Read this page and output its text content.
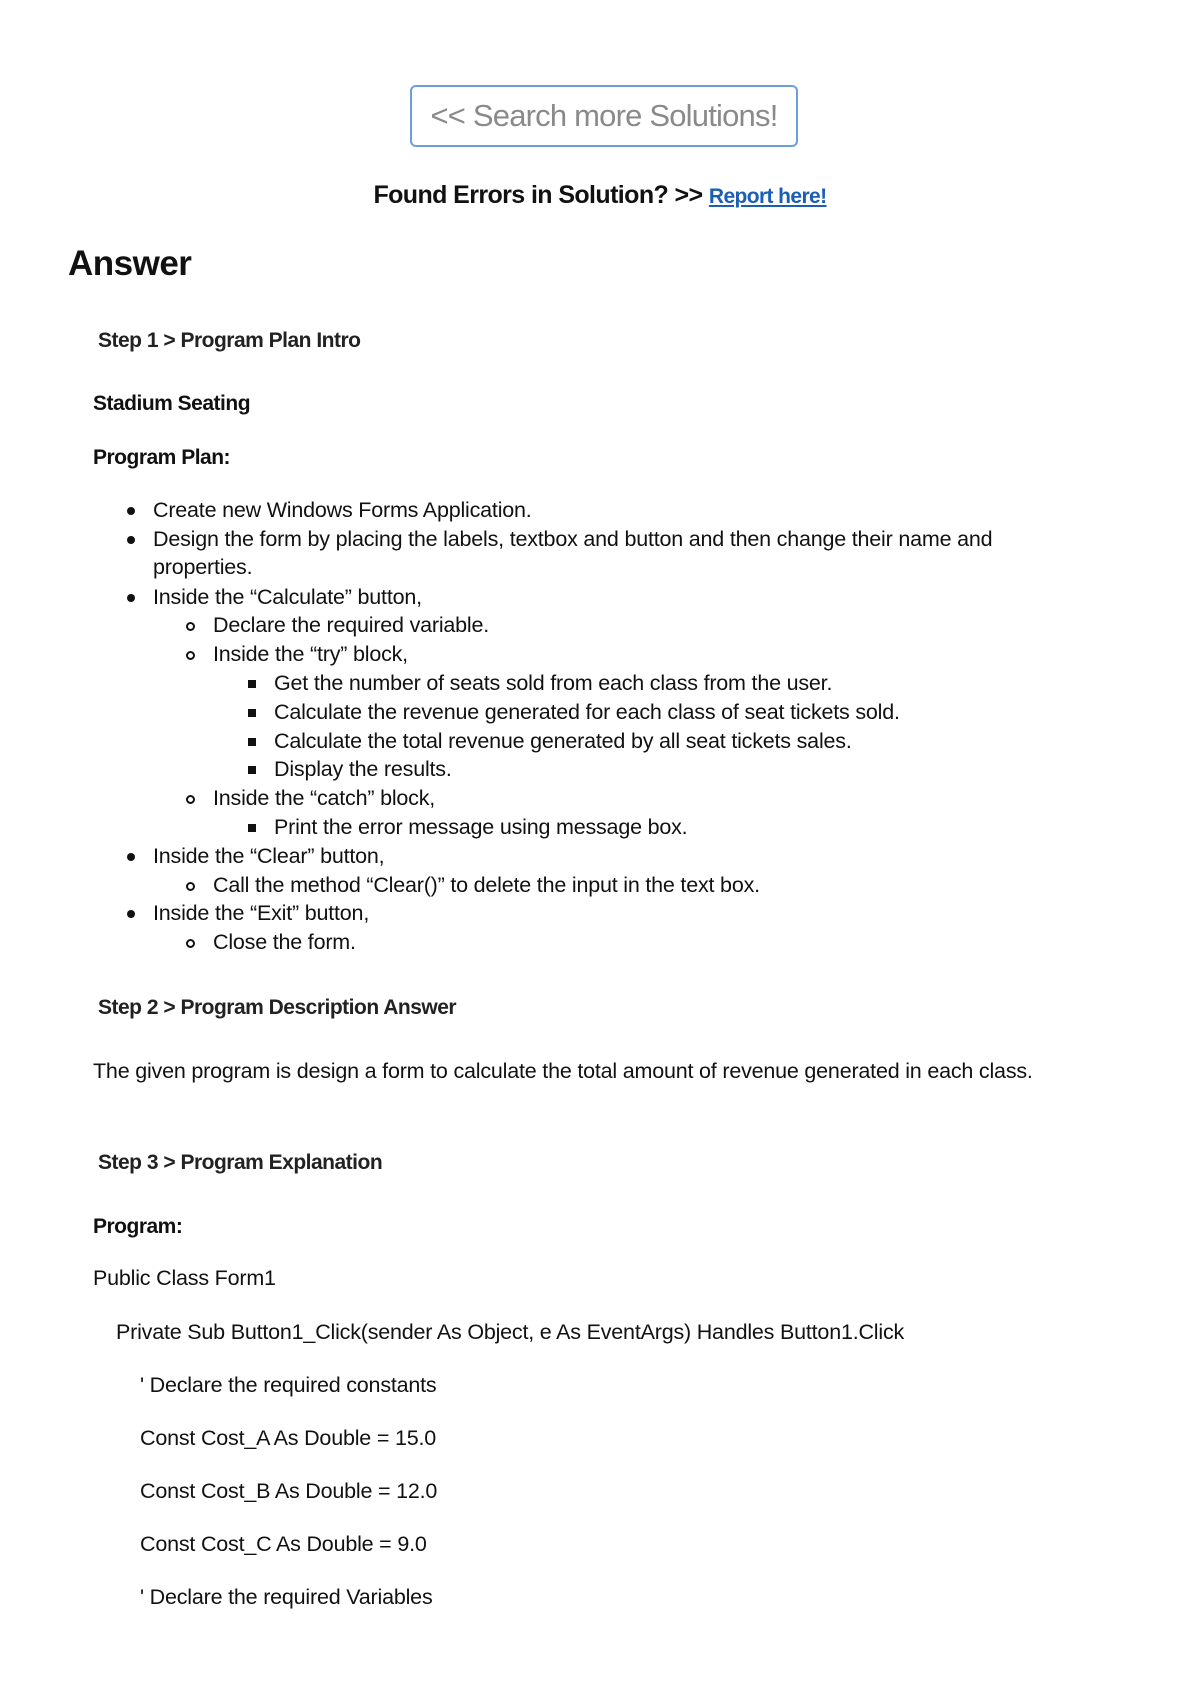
<< Search more Solutions!
Found Errors in Solution? >> Report here!
Answer
Step 1 > Program Plan Intro
Stadium Seating
Program Plan:
Create new Windows Forms Application.
Design the form by placing the labels, textbox and button and then change their name and
properties.
Inside the “Calculate” button,
Declare the required variable.
Inside the “try” block,
Get the number of seats sold from each class from the user.
Calculate the revenue generated for each class of seat tickets sold.
Calculate the total revenue generated by all seat tickets sales.
Display the results.
Inside the “catch” block,
Print the error message using message box.
Inside the “Clear” button,
Call the method “Clear()” to delete the input in the text box.
Inside the “Exit” button,
Close the form.
Step 2 > Program Description Answer
The given program is design a form to calculate the total amount of revenue generated in each class.
Step 3 > Program Explanation
Program:
Public Class Form1
Private Sub Button1_Click(sender As Object, e As EventArgs) Handles Button1.Click
' Declare the required constants
Const Cost_A As Double = 15.0
Const Cost_B As Double = 12.0
Const Cost_C As Double = 9.0
' Declare the required Variables
